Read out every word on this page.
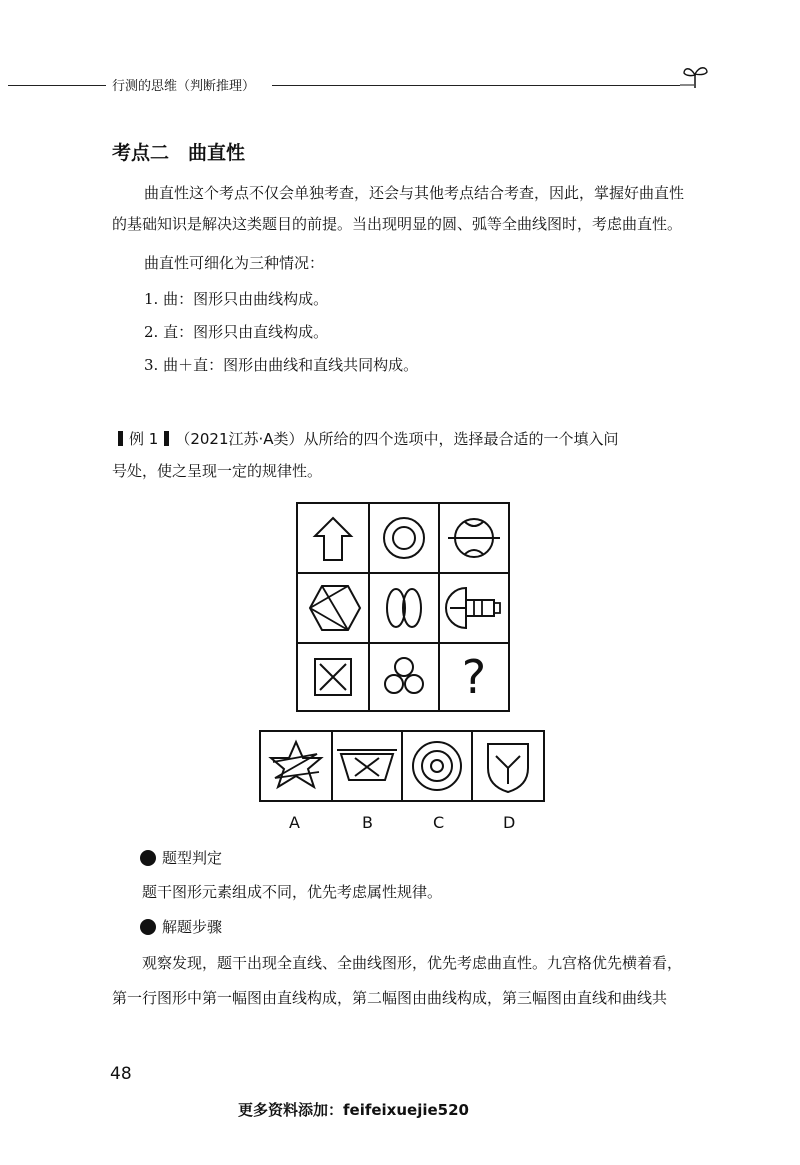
行测的思维（判断推理）
考点二　曲直性
曲直性这个考点不仅会单独考查，还会与其他考点结合考查，因此，掌握好曲直性
的基础知识是解决这类题目的前提。当出现明显的圆、弧等全曲线图时，考虑曲直性。
曲直性可细化为三种情况：
1. 曲：图形只由曲线构成。
2. 直：图形只由直线构成。
3. 曲＋直：图形由曲线和直线共同构成。
例 1 （2021江苏·A类）从所给的四个选项中，选择最合适的一个填入问
号处，使之呈现一定的规律性。
?
A	B	C	D
题型判定
题干图形元素组成不同，优先考虑属性规律。
解题步骤
观察发现，题干出现全直线、全曲线图形，优先考虑曲直性。九宫格优先横着看，
第一行图形中第一幅图由直线构成，第二幅图由曲线构成，第三幅图由直线和曲线共
48
更多资料添加：feifeixuejie520
